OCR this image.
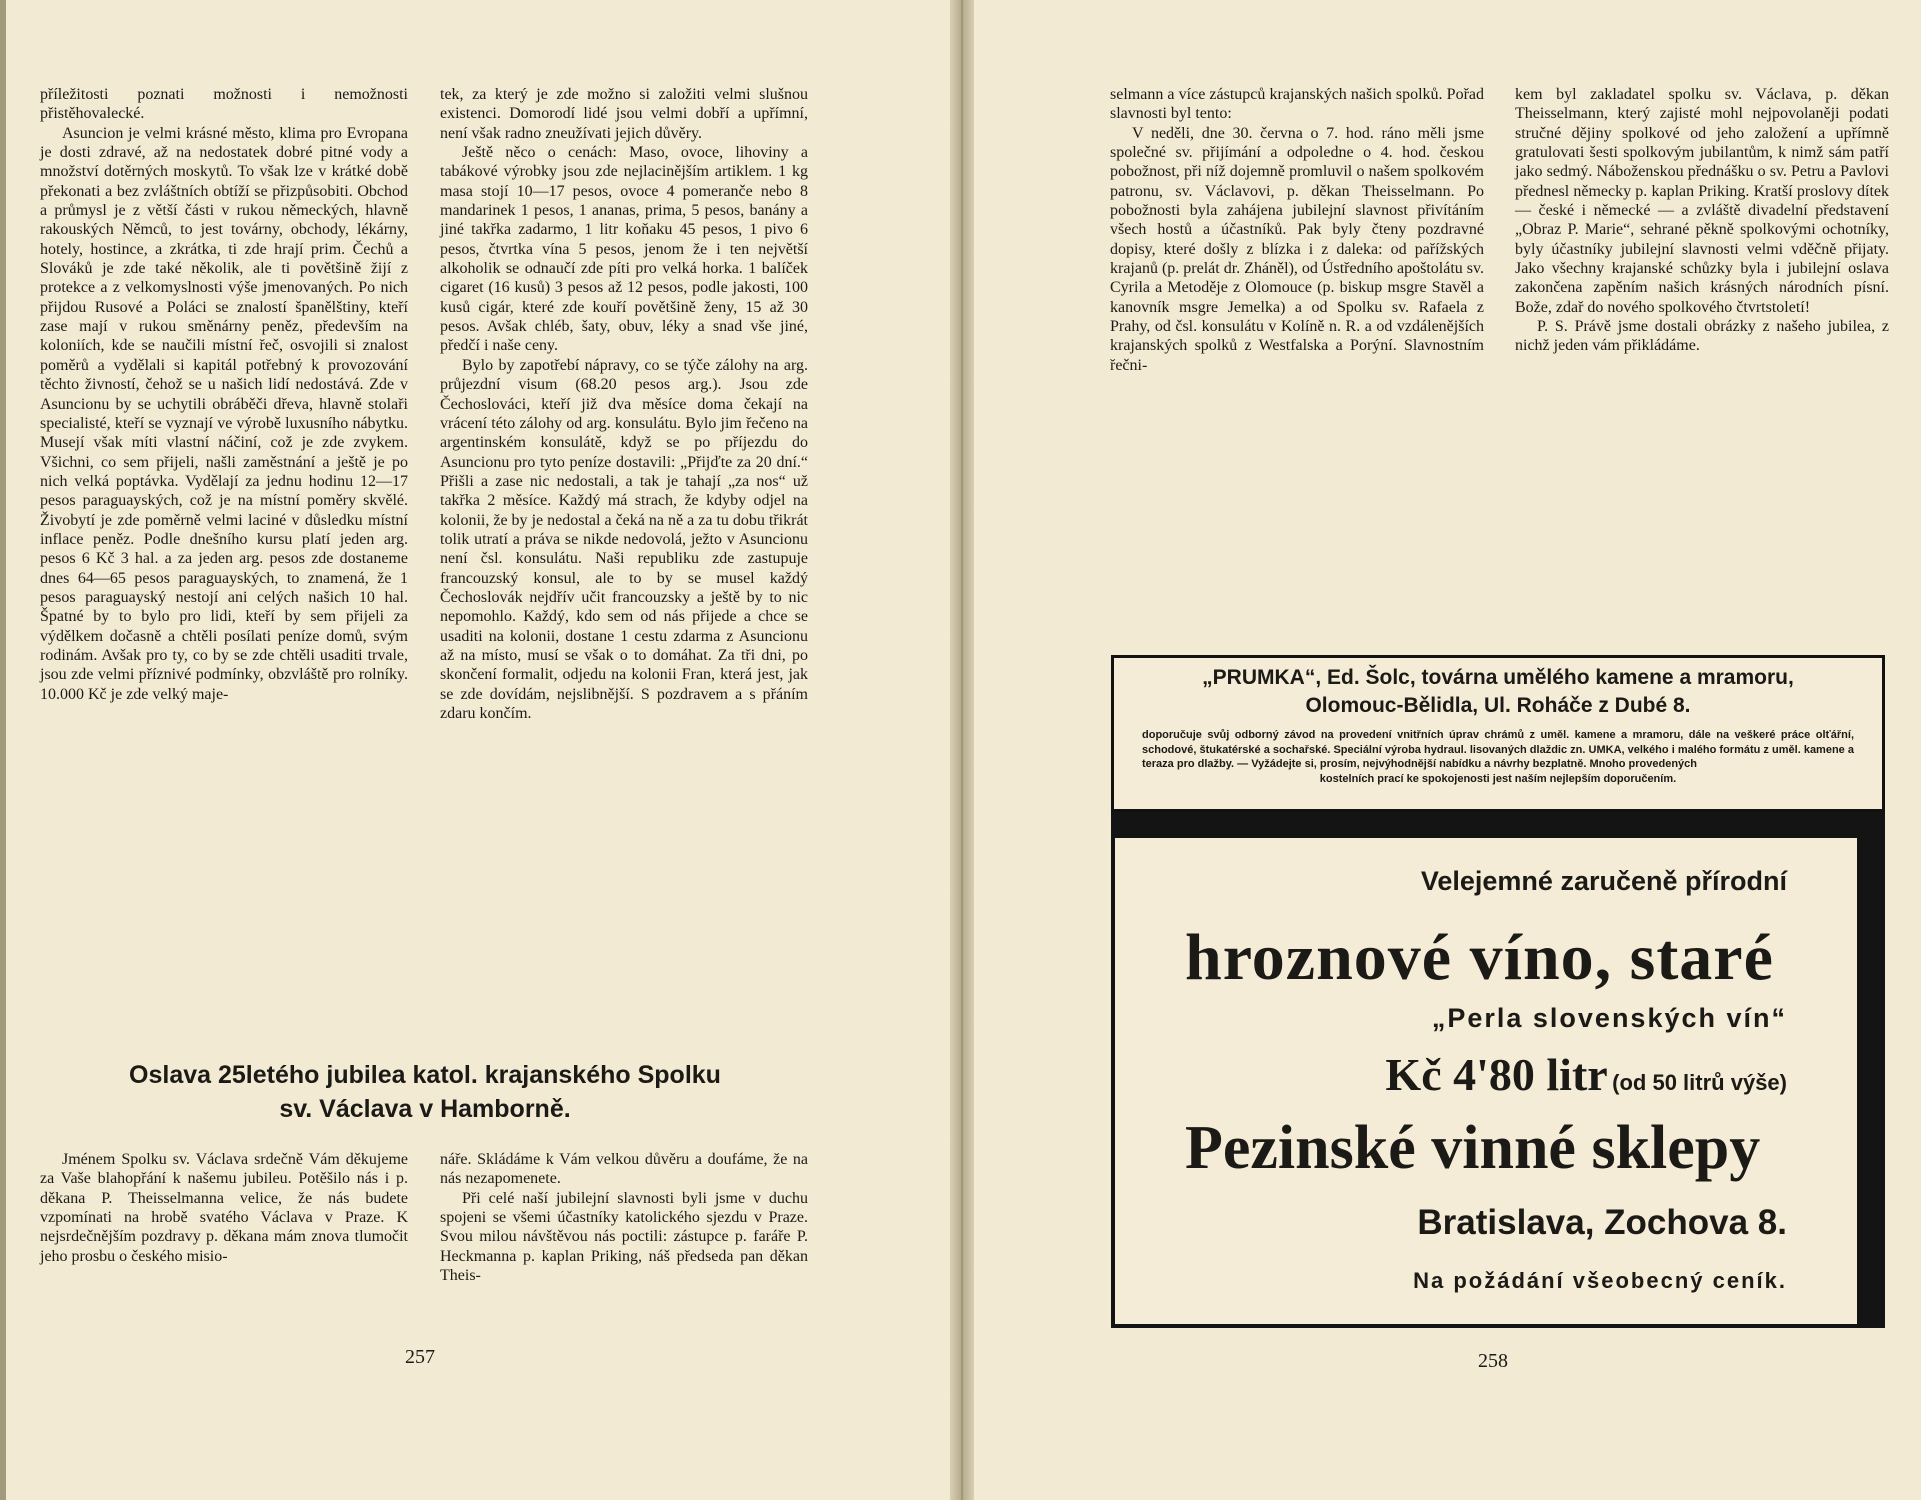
příležitosti poznati možnosti i nemožnosti přistěhovalecké.

Asuncion je velmi krásné město, klima pro Evropana je dosti zdravé, až na nedostatek dobré pitné vody a množství dotěrných moskytů. To však lze v krátké době překonati a bez zvláštních obtíží se přizpůsobiti. Obchod a průmysl je z větší části v rukou německých, hlavně rakouských Němců, to jest továrny, obchody, lékárny, hotely, hostince, a zkrátka, ti zde hrají prim. Čechů a Slováků je zde také několik, ale ti povětšině žijí z protekce a z velkomyslnosti výše jmenovaných. Po nich přijdou Rusové a Poláci se znalostí španělštiny, kteří zase mají v rukou směnárny peněz, především na koloniích, kde se naučili místní řeč, osvojili si znalost poměrů a vydělali si kapitál potřebný k provozování těchto živností, čehož se u našich lidí nedostává. Zde v Asuncionu by se uchytili obráběči dřeva, hlavně stolaři specialisté, kteří se vyznají ve výrobě luxusního nábytku. Musejí však míti vlastní náčiní, což je zde zvykem. Všichni, co sem přijeli, našli zaměstnání a ještě je po nich velká poptávka. Vydělají za jednu hodinu 12—17 pesos paraguayských, což je na místní poměry skvělé. Živobytí je zde poměrně velmi laciné v důsledku místní inflace peněz. Podle dnešního kursu platí jeden arg. pesos 6 Kč 3 hal. a za jeden arg. pesos zde dostaneme dnes 64—65 pesos paraguayských, to znamená, že 1 pesos paraguayský nestojí ani celých našich 10 hal. Špatné by to bylo pro lidi, kteří by sem přijeli za výdělkem dočasně a chtěli posílati peníze domů, svým rodinám. Avšak pro ty, co by se zde chtěli usaditi trvale, jsou zde velmi příznivé podmínky, obzvláště pro rolníky. 10.000 Kč je zde velký maje-

tek, za který je zde možno si založiti velmi slušnou existenci. Domorodí lidé jsou velmi dobří a upřímní, není však radno zneužívati jejich důvěry.

Ještě něco o cenách: Maso, ovoce, lihoviny a tabákové výrobky jsou zde nejlacinějším artiklem. 1 kg masa stojí 10—17 pesos, ovoce 4 pomeranče nebo 8 mandarinek 1 pesos, 1 ananas, prima, 5 pesos, banány a jiné takřka zadarmo, 1 litr koňaku 45 pesos, 1 pivo 6 pesos, čtvrtka vína 5 pesos, jenom že i ten největší alkoholik se odnaučí zde píti pro velká horka. 1 balíček cigaret (16 kusů) 3 pesos až 12 pesos, podle jakosti, 100 kusů cigár, které zde kouří povětšině ženy, 15 až 30 pesos. Avšak chléb, šaty, obuv, léky a snad vše jiné, předčí i naše ceny.

Bylo by zapotřebí nápravy, co se týče zálohy na arg. průjezdní visum (68.20 pesos arg.). Jsou zde Čechoslováci, kteří již dva měsíce doma čekají na vrácení této zálohy od arg. konsulátu. Bylo jim řečeno na argentinském konsulátě, když se po příjezdu do Asuncionu pro tyto peníze dostavili: „Přijďte za 20 dní.“ Přišli a zase nic nedostali, a tak je tahají „za nos“ už takřka 2 měsíce. Každý má strach, že kdyby odjel na kolonii, že by je nedostal a čeká na ně a za tu dobu třikrát tolik utratí a práva se nikde nedovolá, ježto v Asuncionu není čsl. konsulátu. Naši republiku zde zastupuje francouzský konsul, ale to by se musel každý Čechoslovák nejdřív učit francouzsky a ještě by to nic nepomohlo. Každý, kdo sem od nás přijede a chce se usaditi na kolonii, dostane 1 cestu zdarma z Asuncionu až na místo, musí se však o to domáhat. Za tři dni, po skončení formalit, odjedu na kolonii Fran, která jest, jak se zde dovídám, nejslibnější. S pozdravem a s přáním zdaru končím.

Oslava 25letého jubilea katol. krajanského Spolku
sv. Václava v Hamborně.

Jménem Spolku sv. Václava srdečně Vám děkujeme za Vaše blahopřání k našemu jubileu. Potěšilo nás i p. děkana P. Theisselmanna velice, že nás budete vzpomínati na hrobě svatého Václava v Praze. K nejsrdečnějším pozdravy p. děkana mám znova tlumočit jeho prosbu o českého misio-

náře. Skládáme k Vám velkou důvěru a doufáme, že na nás nezapomenete.

Při celé naší jubilejní slavnosti byli jsme v duchu spojeni se všemi účastníky katolického sjezdu v Praze. Svou milou návštěvou nás poctili: zástupce p. faráře P. Heckmanna p. kaplan Priking, náš předseda pan děkan Theis-

257

selmann a více zástupců krajanských našich spolků. Pořad slavnosti byl tento:

V neděli, dne 30. června o 7. hod. ráno měli jsme společné sv. přijímání a odpoledne o 4. hod. českou pobožnost, při níž dojemně promluvil o našem spolkovém patronu, sv. Václavovi, p. děkan Theisselmann. Po pobožnosti byla zahájena jubilejní slavnost přivítáním všech hostů a účastníků. Pak byly čteny pozdravné dopisy, které došly z blízka i z daleka: od pařížských krajanů (p. prelát dr. Zháněl), od Ústředního apoštolátu sv. Cyrila a Metoděje z Olomouce (p. biskup msgre Stavěl a kanovník msgre Jemelka) a od Spolku sv. Rafaela z Prahy, od čsl. konsulátu v Kolíně n. R. a od vzdálenějších krajanských spolků z Westfalska a Porýní. Slavnostním řečni-

kem byl zakladatel spolku sv. Václava, p. děkan Theisselmann, který zajisté mohl nejpovolaněji podati stručné dějiny spolkové od jeho založení a upřímně gratulovati šesti spolkovým jubilantům, k nimž sám patří jako sedmý. Náboženskou přednášku o sv. Petru a Pavlovi přednesl německy p. kaplan Priking. Kratší proslovy dítek — české i německé — a zvláště divadelní představení „Obraz P. Marie“, sehrané pěkně spolkovými ochotníky, byly účastníky jubilejní slavnosti velmi vděčně přijaty. Jako všechny krajanské schůzky byla i jubilejní oslava zakončena zapěním našich krásných národních písní. Bože, zdař do nového spolkového čtvrtstoletí!

P. S. Právě jsme dostali obrázky z našeho jubilea, z nichž jeden vám přikládáme.

„PRUMKA“, Ed. Šolc, továrna umělého kamene a mramoru,
Olomouc-Bělidla, Ul. Roháče z Dubé 8.
doporučuje svůj odborný závod na provedení vnitřních úprav chrámů z uměl. kamene a mramoru, dále na veškeré práce olťářní, schodové, štukatérské a sochařské. Speciální výroba hydraul. lisovaných dlaždic zn. UMKA, velkého i malého formátu z uměl. kamene a teraza pro dlažby. — Vyžádejte si, prosím, nejvýhodnější nabídku a návrhy bezplatně. Mnoho provedených
kostelních prací ke spokojenosti jest naším nejlepším doporučením.
Velejemné zaručeně přírodní
hroznové víno, staré
„Perla slovenských vín“
Kč 4'80 litr (od 50 litrů výše)
Pezinské vinné sklepy
Bratislava, Zochova 8.
Na požádání všeobecný ceník.
258
